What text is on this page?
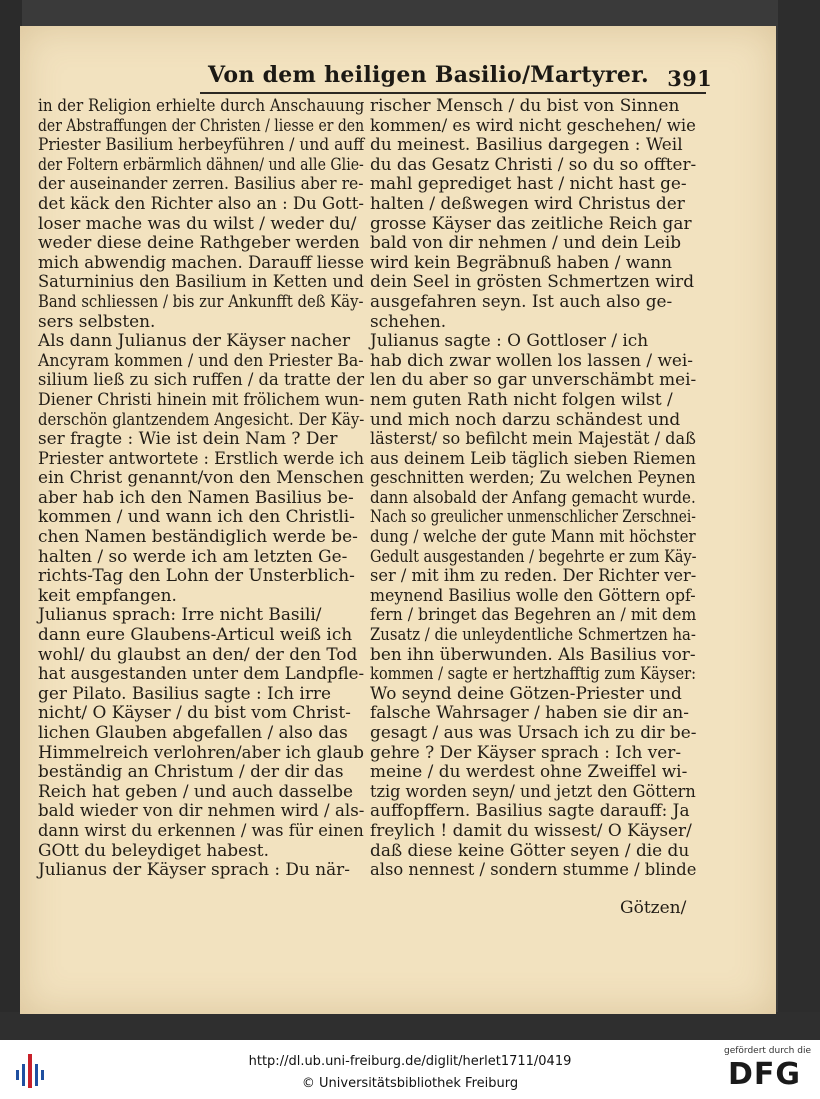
Von dem heiligen Basilio/Martyrer. 391
in der Religion erhielte durch Anschauung
der Abstraffungen der Christen / liesse er den
Priester Basilium herbeyführen / und auff
der Foltern erbärmlich dähnen/ und alle Glie-
der auseinander zerren. Basilius aber re-
det käck den Richter also an : Du Gott-
loser mache was du wilst / weder du/
weder diese deine Rathgeber werden
mich abwendig machen. Darauff liesse
Saturninius den Basilium in Ketten und
Band schliessen / bis zur Ankunfft deß Käy-
sers selbsten.
Als dann Julianus der Käyser nacher
Ancyram kommen / und den Priester Ba-
silium ließ zu sich ruffen / da tratte der
Diener Christi hinein mit frölichem wun-
derschön glantzendem Angesicht. Der Käy-
ser fragte : Wie ist dein Nam ? Der
Priester antwortete : Erstlich werde ich
ein Christ genannt/von den Menschen
aber hab ich den Namen Basilius be-
kommen / und wann ich den Christli-
chen Namen beständiglich werde be-
halten / so werde ich am letzten Ge-
richts-Tag den Lohn der Unsterblich-
keit empfangen.
Julianus sprach: Irre nicht Basili/
dann eure Glaubens-Articul weiß ich
wohl/ du glaubst an den/ der den Tod
hat ausgestanden unter dem Landpfle-
ger Pilato. Basilius sagte : Ich irre
nicht/ O Käyser / du bist vom Christ-
lichen Glauben abgefallen / also das
Himmelreich verlohren/aber ich glaub
beständig an Christum / der dir das
Reich hat geben / und auch dasselbe
bald wieder von dir nehmen wird / als-
dann wirst du erkennen / was für einen
GOtt du beleydiget habest.
Julianus der Käyser sprach : Du när-
rischer Mensch / du bist von Sinnen
kommen/ es wird nicht geschehen/ wie
du meinest. Basilius dargegen : Weil
du das Gesatz Christi / so du so offter-
mahl geprediget hast / nicht hast ge-
halten / deßwegen wird Christus der
grosse Käyser das zeitliche Reich gar
bald von dir nehmen / und dein Leib
wird kein Begräbnuß haben / wann
dein Seel in grösten Schmertzen wird
ausgefahren seyn. Ist auch also ge-
schehen.
Julianus sagte : O Gottloser / ich
hab dich zwar wollen los lassen / wei-
len du aber so gar unverschämbt mei-
nem guten Rath nicht folgen wilst /
und mich noch darzu schändest und
lästerst/ so befilcht mein Majestät / daß
aus deinem Leib täglich sieben Riemen
geschnitten werden; Zu welchen Peynen
dann alsobald der Anfang gemacht wurde.
Nach so greulicher unmenschlicher Zerschnei-
dung / welche der gute Mann mit höchster
Gedult ausgestanden / begehrte er zum Käy-
ser / mit ihm zu reden. Der Richter ver-
meynend Basilius wolle den Göttern opf-
fern / bringet das Begehren an / mit dem
Zusatz / die unleydentliche Schmertzen ha-
ben ihn überwunden. Als Basilius vor-
kommen / sagte er hertzhafftig zum Käyser:
Wo seynd deine Götzen-Priester und
falsche Wahrsager / haben sie dir an-
gesagt / aus was Ursach ich zu dir be-
gehre ? Der Käyser sprach : Ich ver-
meine / du werdest ohne Zweiffel wi-
tzig worden seyn/ und jetzt den Göttern
auffopffern. Basilius sagte darauff: Ja
freylich ! damit du wissest/ O Käyser/
daß diese keine Götter seyen / die du
also nennest / sondern stumme / blinde
Götzen/
http://dl.ub.uni-freiburg.de/diglit/herlet1711/0419
© Universitätsbibliothek Freiburg
gefördert durch die
DFG
